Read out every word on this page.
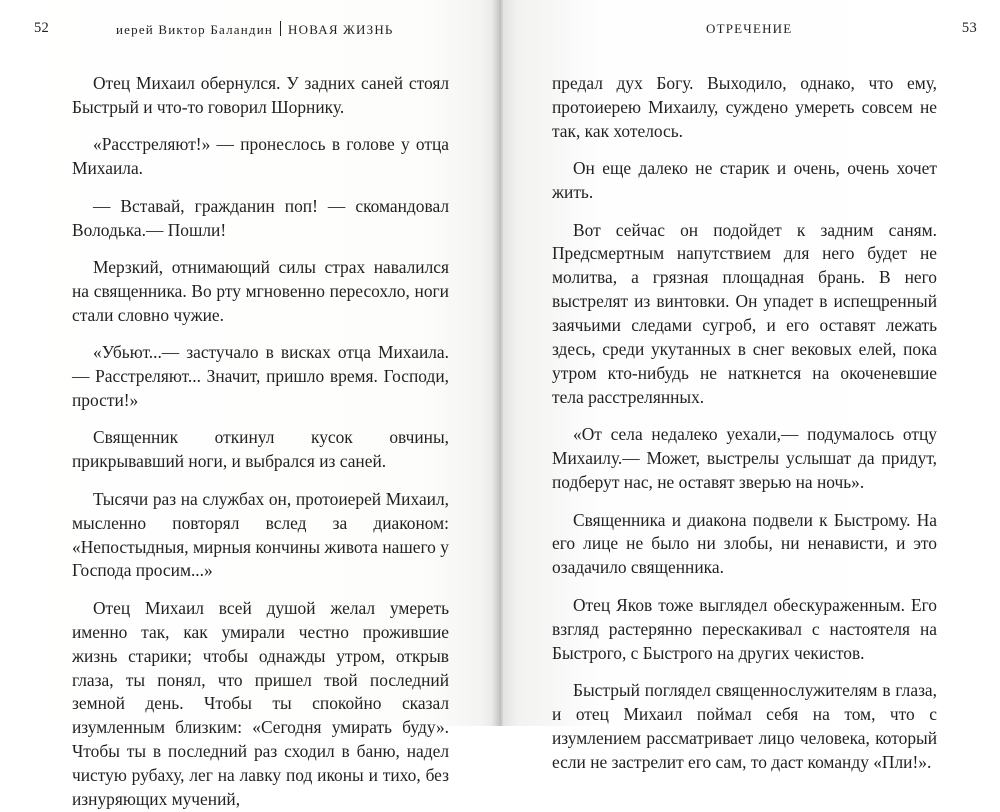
52	иерей Виктор Баландин НОВАЯ ЖИЗНЬ

Отец Михаил обернулся. У задних саней стоял Быстрый и что-то говорил Шорнику.

«Расстреляют!» — пронеслось в голове у отца Михаила.

— Вставай, гражданин поп! — скомандовал Володька.— Пошли!

Мерзкий, отнимающий силы страх навалился на священника. Во рту мгновенно пересохло, ноги стали словно чужие.

«Убьют...— застучало в висках отца Михаила.— Расстреляют... Значит, пришло время. Господи, прости!»

Священник откинул кусок овчины, прикрывавший ноги, и выбрался из саней.

Тысячи раз на службах он, протоиерей Михаил, мысленно повторял вслед за диаконом: «Непостыдныя, мирныя кончины живота нашего у Господа просим...»

Отец Михаил всей душой желал умереть именно так, как умирали честно прожившие жизнь старики; чтобы однажды утром, открыв глаза, ты понял, что пришел твой последний земной день. Чтобы ты спокойно сказал изумленным близким: «Сегодня умирать буду». Чтобы ты в последний раз сходил в баню, надел чистую рубаху, лег на лавку под иконы и тихо, без изнуряющих мучений,

ОТРЕЧЕНИЕ	53

предал дух Богу. Выходило, однако, что ему, протоиерею Михаилу, суждено умереть совсем не так, как хотелось.

Он еще далеко не старик и очень, очень хочет жить.

Вот сейчас он подойдет к задним саням. Предсмертным напутствием для него будет не молитва, а грязная площадная брань. В него выстрелят из винтовки. Он упадет в испещренный заячьими следами сугроб, и его оставят лежать здесь, среди укутанных в снег вековых елей, пока утром кто-нибудь не наткнется на окоченевшие тела расстрелянных.

«От села недалеко уехали,— подумалось отцу Михаилу.— Может, выстрелы услышат да придут, подберут нас, не оставят зверью на ночь».

Священника и диакона подвели к Быстрому. На его лице не было ни злобы, ни ненависти, и это озадачило священника.

Отец Яков тоже выглядел обескураженным. Его взгляд растерянно перескакивал с настоятеля на Быстрого, с Быстрого на других чекистов.

Быстрый поглядел священнослужителям в глаза, и отец Михаил поймал себя на том, что с изумлением рассматривает лицо человека, который если не застрелит его сам, то даст команду «Пли!».
